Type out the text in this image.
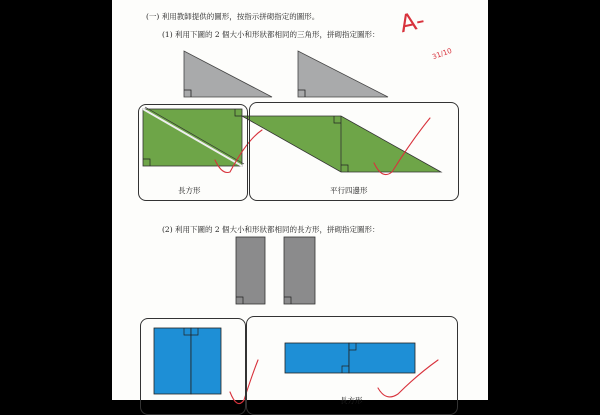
(一) 利用教師提供的圖形，按指示拼砌指定的圖形。
(1) 利用下圖的 2 個大小和形狀都相同的三角形，拼砌指定圖形：
(2) 利用下圖的 2 個大小和形狀都相同的長方形，拼砌指定圖形：
長方形	平行四邊形
長方形
A-
31/10
